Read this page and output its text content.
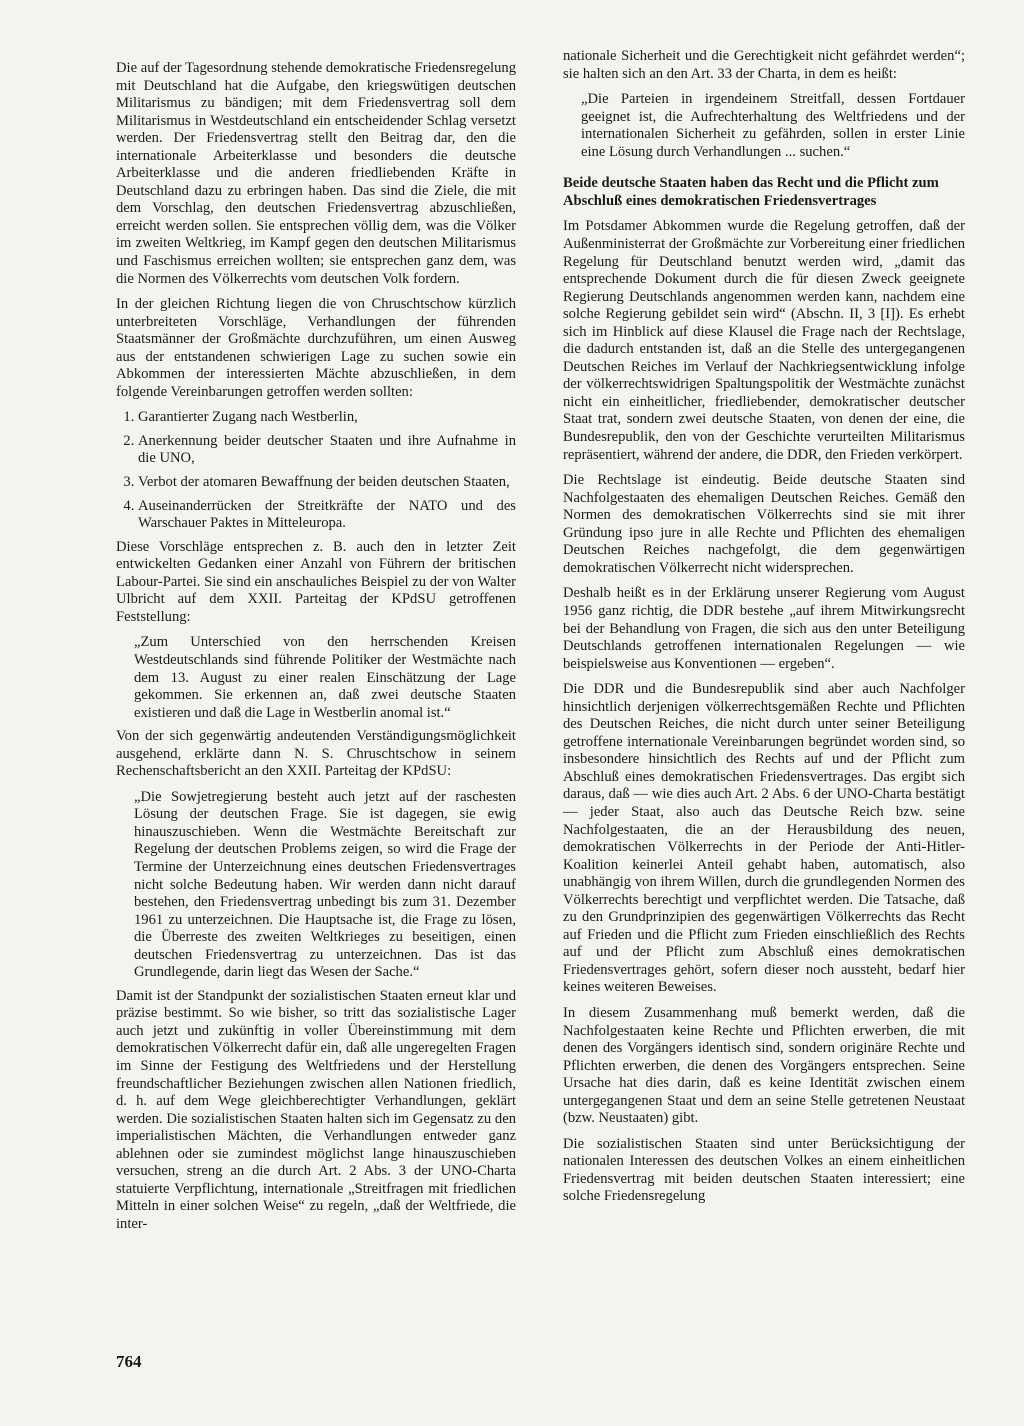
Die auf der Tagesordnung stehende demokratische Friedensregelung mit Deutschland hat die Aufgabe, den kriegswütigen deutschen Militarismus zu bändigen; mit dem Friedensvertrag soll dem Militarismus in Westdeutschland ein entscheidender Schlag versetzt werden. Der Friedensvertrag stellt den Beitrag dar, den die internationale Arbeiterklasse und besonders die deutsche Arbeiterklasse und die anderen friedliebenden Kräfte in Deutschland dazu zu erbringen haben. Das sind die Ziele, die mit dem Vorschlag, den deutschen Friedensvertrag abzuschließen, erreicht werden sollen. Sie entsprechen völlig dem, was die Völker im zweiten Weltkrieg, im Kampf gegen den deutschen Militarismus und Faschismus erreichen wollten; sie entsprechen ganz dem, was die Normen des Völkerrechts vom deutschen Volk fordern.

In der gleichen Richtung liegen die von Chruschtschow kürzlich unterbreiteten Vorschläge, Verhandlungen der führenden Staatsmänner der Großmächte durchzuführen, um einen Ausweg aus der entstandenen schwierigen Lage zu suchen sowie ein Abkommen der interessierten Mächte abzuschließen, in dem folgende Vereinbarungen getroffen werden sollten:

1. Garantierter Zugang nach Westberlin,
2. Anerkennung beider deutscher Staaten und ihre Aufnahme in die UNO,
3. Verbot der atomaren Bewaffnung der beiden deutschen Staaten,
4. Auseinanderrücken der Streitkräfte der NATO und des Warschauer Paktes in Mitteleuropa.

Diese Vorschläge entsprechen z. B. auch den in letzter Zeit entwickelten Gedanken einer Anzahl von Führern der britischen Labour-Partei. Sie sind ein anschauliches Beispiel zu der von Walter Ulbricht auf dem XXII. Parteitag der KPdSU getroffenen Feststellung:

„Zum Unterschied von den herrschenden Kreisen Westdeutschlands sind führende Politiker der Westmächte nach dem 13. August zu einer realen Einschätzung der Lage gekommen. Sie erkennen an, daß zwei deutsche Staaten existieren und daß die Lage in Westberlin anomal ist.“

Von der sich gegenwärtig andeutenden Verständigungsmöglichkeit ausgehend, erklärte dann N. S. Chruschtschow in seinem Rechenschaftsbericht an den XXII. Parteitag der KPdSU:

„Die Sowjetregierung besteht auch jetzt auf der raschesten Lösung der deutschen Frage. Sie ist dagegen, sie ewig hinauszuschieben. Wenn die Westmächte Bereitschaft zur Regelung der deutschen Problems zeigen, so wird die Frage der Termine der Unterzeichnung eines deutschen Friedensvertrages nicht solche Bedeutung haben. Wir werden dann nicht darauf bestehen, den Friedensvertrag unbedingt bis zum 31. Dezember 1961 zu unterzeichnen. Die Hauptsache ist, die Frage zu lösen, die Überreste des zweiten Weltkrieges zu beseitigen, einen deutschen Friedensvertrag zu unterzeichnen. Das ist das Grundlegende, darin liegt das Wesen der Sache.“

Damit ist der Standpunkt der sozialistischen Staaten erneut klar und präzise bestimmt. So wie bisher, so tritt das sozialistische Lager auch jetzt und zukünftig in voller Übereinstimmung mit dem demokratischen Völkerrecht dafür ein, daß alle ungeregelten Fragen im Sinne der Festigung des Weltfriedens und der Herstellung freundschaftlicher Beziehungen zwischen allen Nationen friedlich, d. h. auf dem Wege gleichberechtigter Verhandlungen, geklärt werden. Die sozialistischen Staaten halten sich im Gegensatz zu den imperialistischen Mächten, die Verhandlungen entweder ganz ablehnen oder sie zumindest möglichst lange hinauszuschieben versuchen, streng an die durch Art. 2 Abs. 3 der UNO-Charta statuierte Verpflichtung, internationale „Streitfragen mit friedlichen Mitteln in einer solchen Weise“ zu regeln, „daß der Weltfriede, die inter-

nationale Sicherheit und die Gerechtigkeit nicht gefährdet werden“; sie halten sich an den Art. 33 der Charta, in dem es heißt:

„Die Parteien in irgendeinem Streitfall, dessen Fortdauer geeignet ist, die Aufrechterhaltung des Weltfriedens und der internationalen Sicherheit zu gefährden, sollen in erster Linie eine Lösung durch Verhandlungen ... suchen.“

Beide deutsche Staaten haben das Recht und die Pflicht zum Abschluß eines demokratischen Friedensvertrages

Im Potsdamer Abkommen wurde die Regelung getroffen, daß der Außenministerrat der Großmächte zur Vorbereitung einer friedlichen Regelung für Deutschland benutzt werden wird, „damit das entsprechende Dokument durch die für diesen Zweck geeignete Regierung Deutschlands angenommen werden kann, nachdem eine solche Regierung gebildet sein wird“ (Abschn. II, 3 [I]). Es erhebt sich im Hinblick auf diese Klausel die Frage nach der Rechtslage, die dadurch entstanden ist, daß an die Stelle des untergegangenen Deutschen Reiches im Verlauf der Nachkriegsentwicklung infolge der völkerrechtswidrigen Spaltungspolitik der Westmächte zunächst nicht ein einheitlicher, friedliebender, demokratischer deutscher Staat trat, sondern zwei deutsche Staaten, von denen der eine, die Bundesrepublik, den von der Geschichte verurteilten Militarismus repräsentiert, während der andere, die DDR, den Frieden verkörpert.

Die Rechtslage ist eindeutig. Beide deutsche Staaten sind Nachfolgestaaten des ehemaligen Deutschen Reiches. Gemäß den Normen des demokratischen Völkerrechts sind sie mit ihrer Gründung ipso jure in alle Rechte und Pflichten des ehemaligen Deutschen Reiches nachgefolgt, die dem gegenwärtigen demokratischen Völkerrecht nicht widersprechen.

Deshalb heißt es in der Erklärung unserer Regierung vom August 1956 ganz richtig, die DDR bestehe „auf ihrem Mitwirkungsrecht bei der Behandlung von Fragen, die sich aus den unter Beteiligung Deutschlands getroffenen internationalen Regelungen — wie beispielsweise aus Konventionen — ergeben“.

Die DDR und die Bundesrepublik sind aber auch Nachfolger hinsichtlich derjenigen völkerrechtsgemäßen Rechte und Pflichten des Deutschen Reiches, die nicht durch unter seiner Beteiligung getroffene internationale Vereinbarungen begründet worden sind, so insbesondere hinsichtlich des Rechts auf und der Pflicht zum Abschluß eines demokratischen Friedensvertrages. Das ergibt sich daraus, daß — wie dies auch Art. 2 Abs. 6 der UNO-Charta bestätigt— jeder Staat, also auch das Deutsche Reich bzw. seine Nachfolgestaaten, die an der Herausbildung des neuen, demokratischen Völkerrechts in der Periode der Anti-Hitler-Koalition keinerlei Anteil gehabt haben, automatisch, also unabhängig von ihrem Willen, durch die grundlegenden Normen des Völkerrechts berechtigt und verpflichtet werden. Die Tatsache, daß zu den Grundprinzipien des gegenwärtigen Völkerrechts das Recht auf Frieden und die Pflicht zum Frieden einschließlich des Rechts auf und der Pflicht zum Abschluß eines demokratischen Friedensvertrages gehört, sofern dieser noch aussteht, bedarf hier keines weiteren Beweises.

In diesem Zusammenhang muß bemerkt werden, daß die Nachfolgestaaten keine Rechte und Pflichten erwerben, die mit denen des Vorgängers identisch sind, sondern originäre Rechte und Pflichten erwerben, die denen des Vorgängers entsprechen. Seine Ursache hat dies darin, daß es keine Identität zwischen einem untergegangenen Staat und dem an seine Stelle getretenen Neustaat (bzw. Neustaaten) gibt.

Die sozialistischen Staaten sind unter Berücksichtigung der nationalen Interessen des deutschen Volkes an einem einheitlichen Friedensvertrag mit beiden deutschen Staaten interessiert; eine solche Friedensregelung

764
